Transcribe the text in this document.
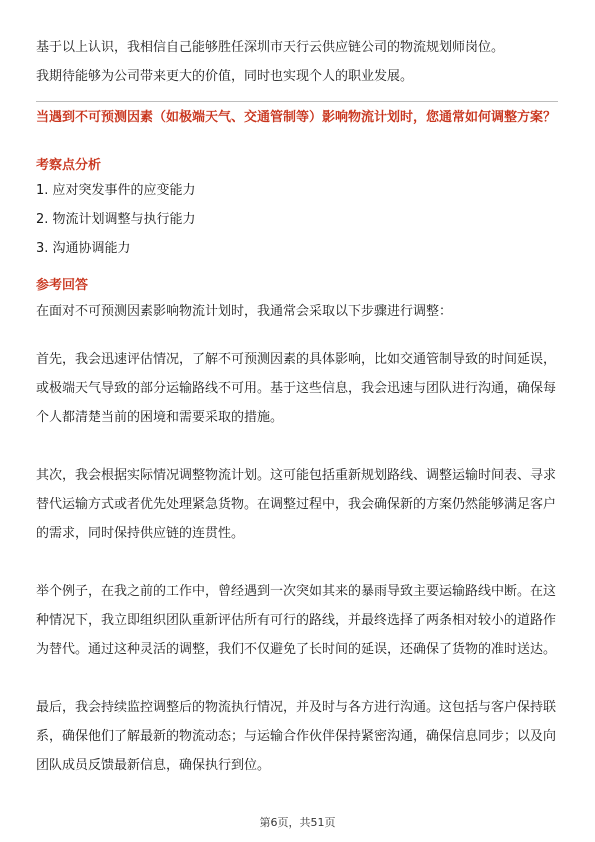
基于以上认识，我相信自己能够胜任深圳市天行云供应链公司的物流规划师岗位。

我期待能够为公司带来更大的价值，同时也实现个人的职业发展。

当遇到不可预测因素（如极端天气、交通管制等）影响物流计划时，您通常如何调整方案？
考察点分析
1. 应对突发事件的应变能力
2. 物流计划调整与执行能力
3. 沟通协调能力
参考回答

在面对不可预测因素影响物流计划时，我通常会采取以下步骤进行调整：

首先，我会迅速评估情况，了解不可预测因素的具体影响，比如交通管制导致的时间延误，或极端天气导致的部分运输路线不可用。基于这些信息，我会迅速与团队进行沟通，确保每个人都清楚当前的困境和需要采取的措施。

其次，我会根据实际情况调整物流计划。这可能包括重新规划路线、调整运输时间表、寻求替代运输方式或者优先处理紧急货物。在调整过程中，我会确保新的方案仍然能够满足客户的需求，同时保持供应链的连贯性。

举个例子，在我之前的工作中，曾经遇到一次突如其来的暴雨导致主要运输路线中断。在这种情况下，我立即组织团队重新评估所有可行的路线，并最终选择了两条相对较小的道路作为替代。通过这种灵活的调整，我们不仅避免了长时间的延误，还确保了货物的准时送达。

最后，我会持续监控调整后的物流执行情况，并及时与各方进行沟通。这包括与客户保持联系，确保他们了解最新的物流动态；与运输合作伙伴保持紧密沟通，确保信息同步；以及向团队成员反馈最新信息，确保执行到位。

第6页，共51页
